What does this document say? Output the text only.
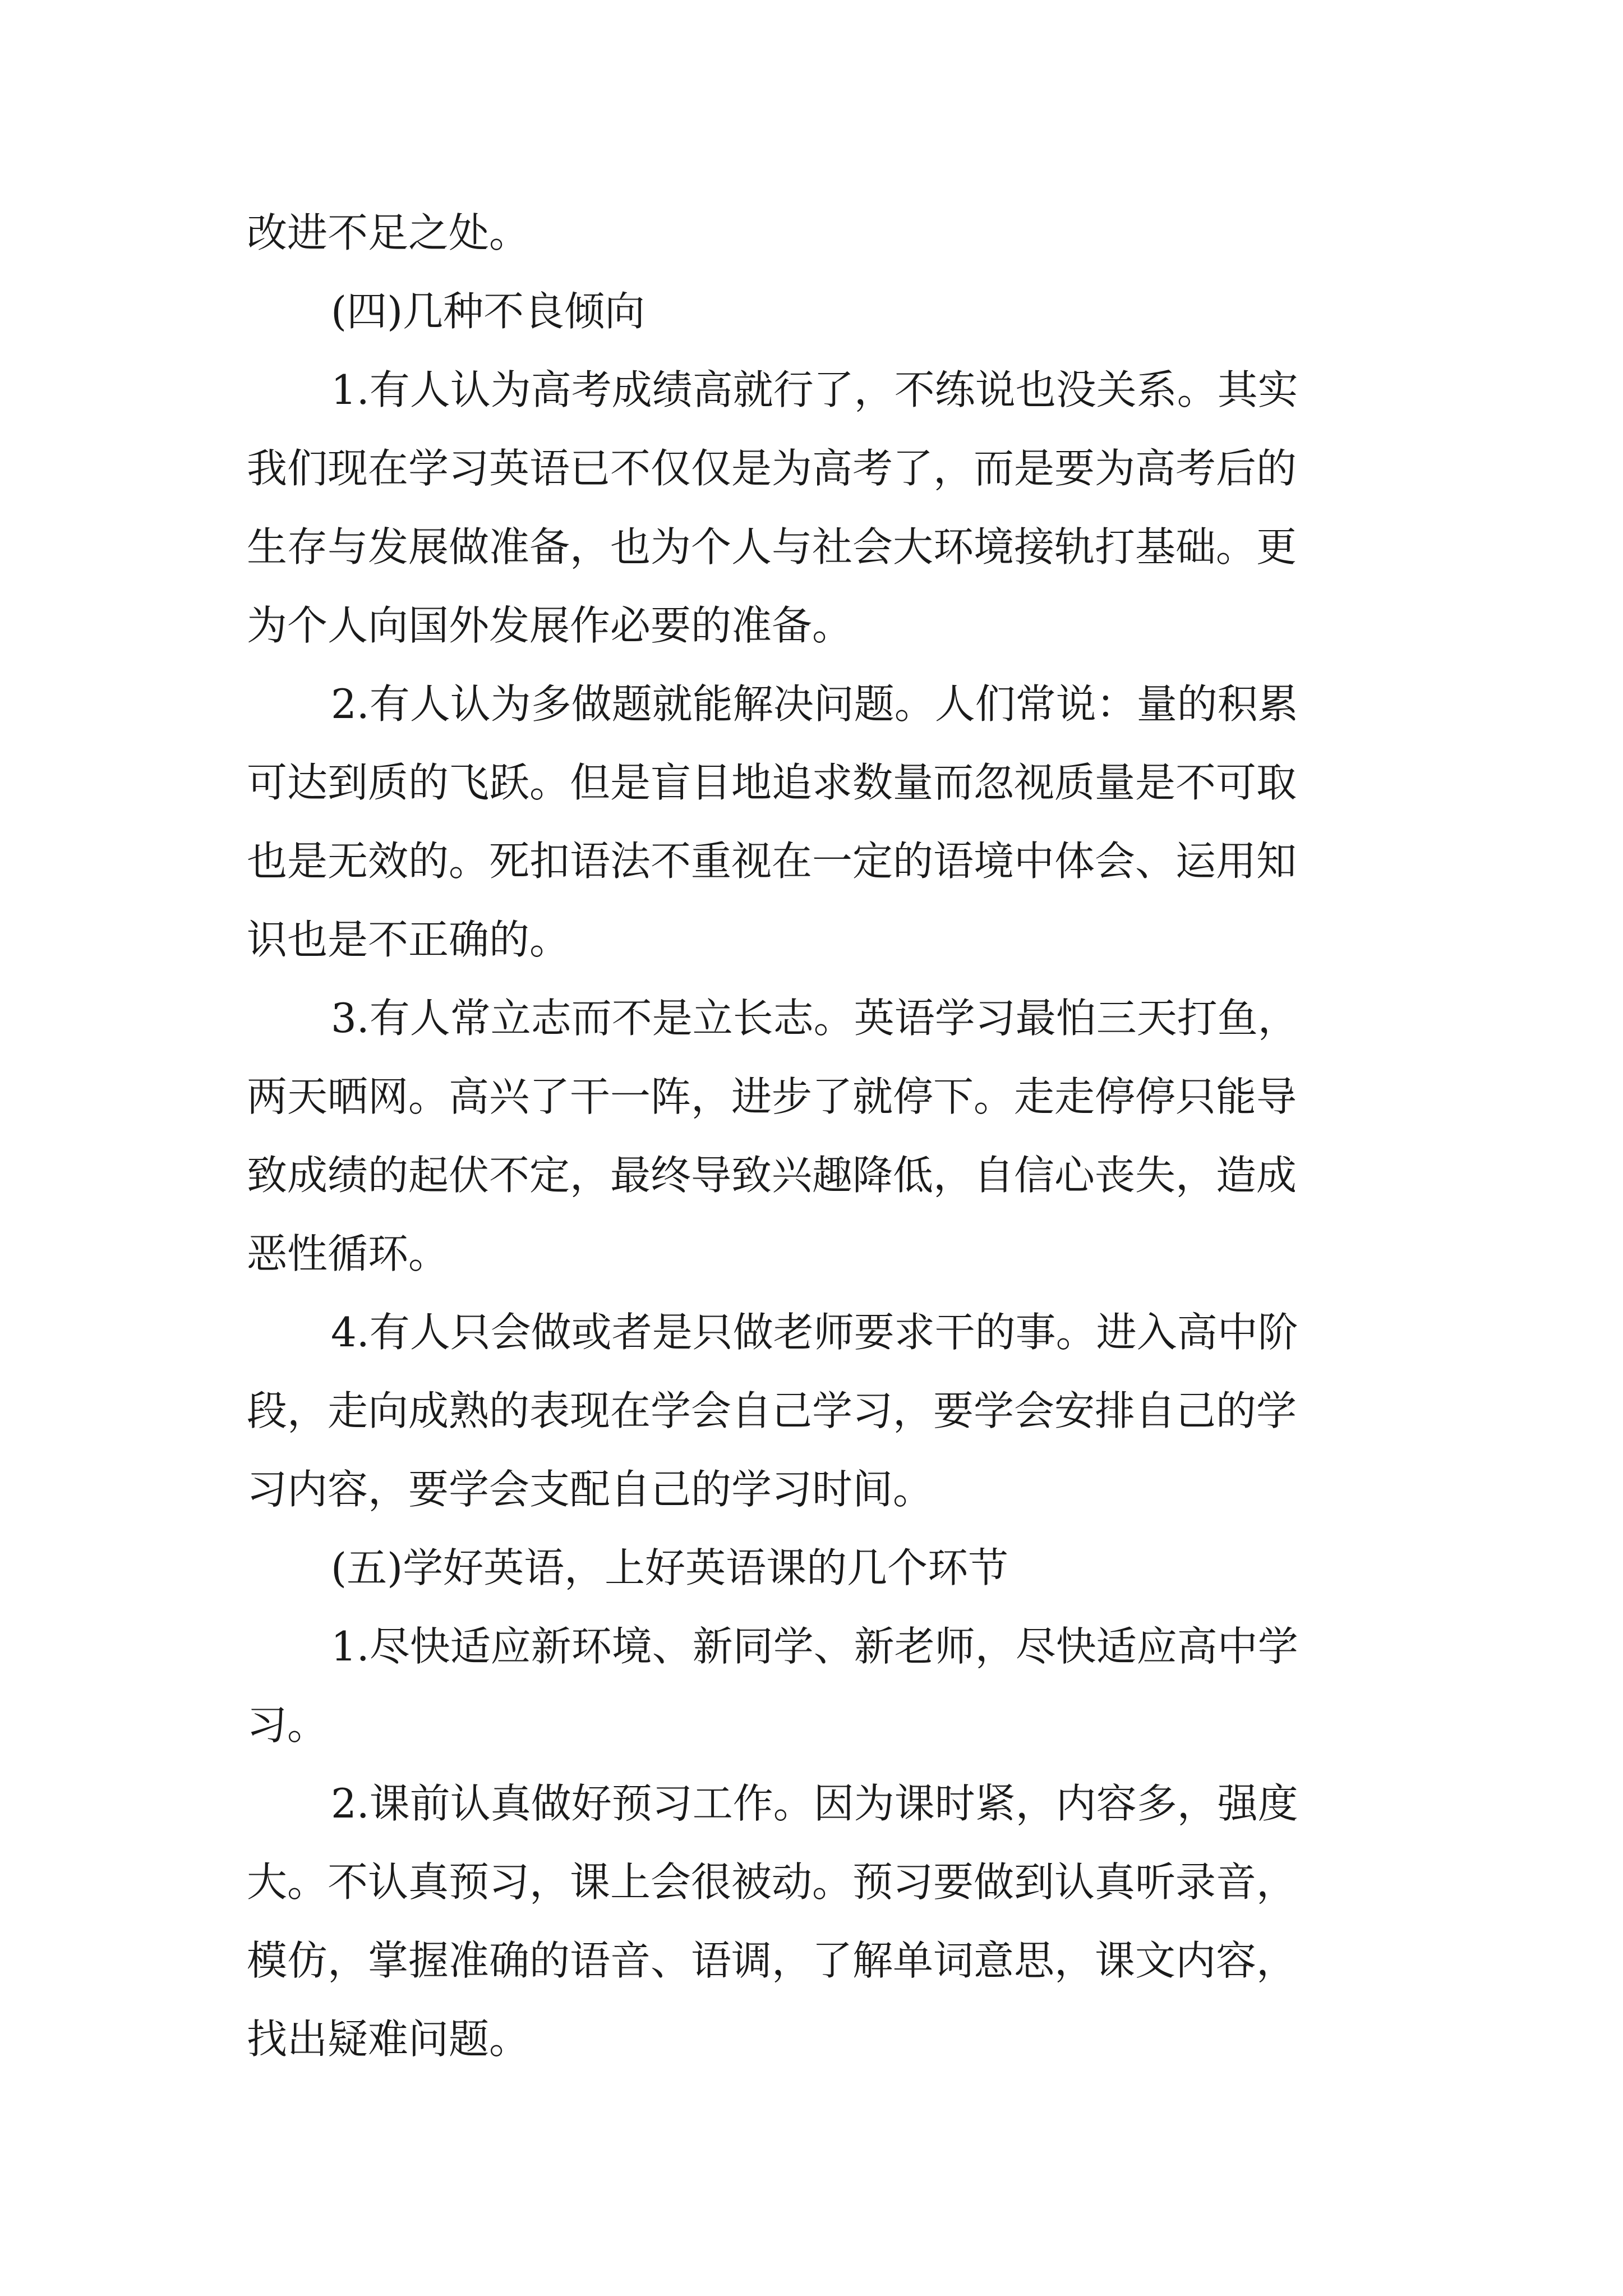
改进不足之处。
(四)几种不良倾向
1.有人认为高考成绩高就行了，不练说也没关系。其实
我们现在学习英语已不仅仅是为高考了，而是要为高考后的
生存与发展做准备，也为个人与社会大环境接轨打基础。更
为个人向国外发展作必要的准备。
2.有人认为多做题就能解决问题。人们常说：量的积累
可达到质的飞跃。但是盲目地追求数量而忽视质量是不可取
也是无效的。死扣语法不重视在一定的语境中体会、运用知
识也是不正确的。
3.有人常立志而不是立长志。英语学习最怕三天打鱼，
两天晒网。高兴了干一阵，进步了就停下。走走停停只能导
致成绩的起伏不定，最终导致兴趣降低，自信心丧失，造成
恶性循环。
4.有人只会做或者是只做老师要求干的事。进入高中阶
段，走向成熟的表现在学会自己学习，要学会安排自己的学
习内容，要学会支配自己的学习时间。
(五)学好英语，上好英语课的几个环节
1.尽快适应新环境、新同学、新老师，尽快适应高中学
习。
2.课前认真做好预习工作。因为课时紧，内容多，强度
大。不认真预习，课上会很被动。预习要做到认真听录音，
模仿，掌握准确的语音、语调，了解单词意思，课文内容，
找出疑难问题。
